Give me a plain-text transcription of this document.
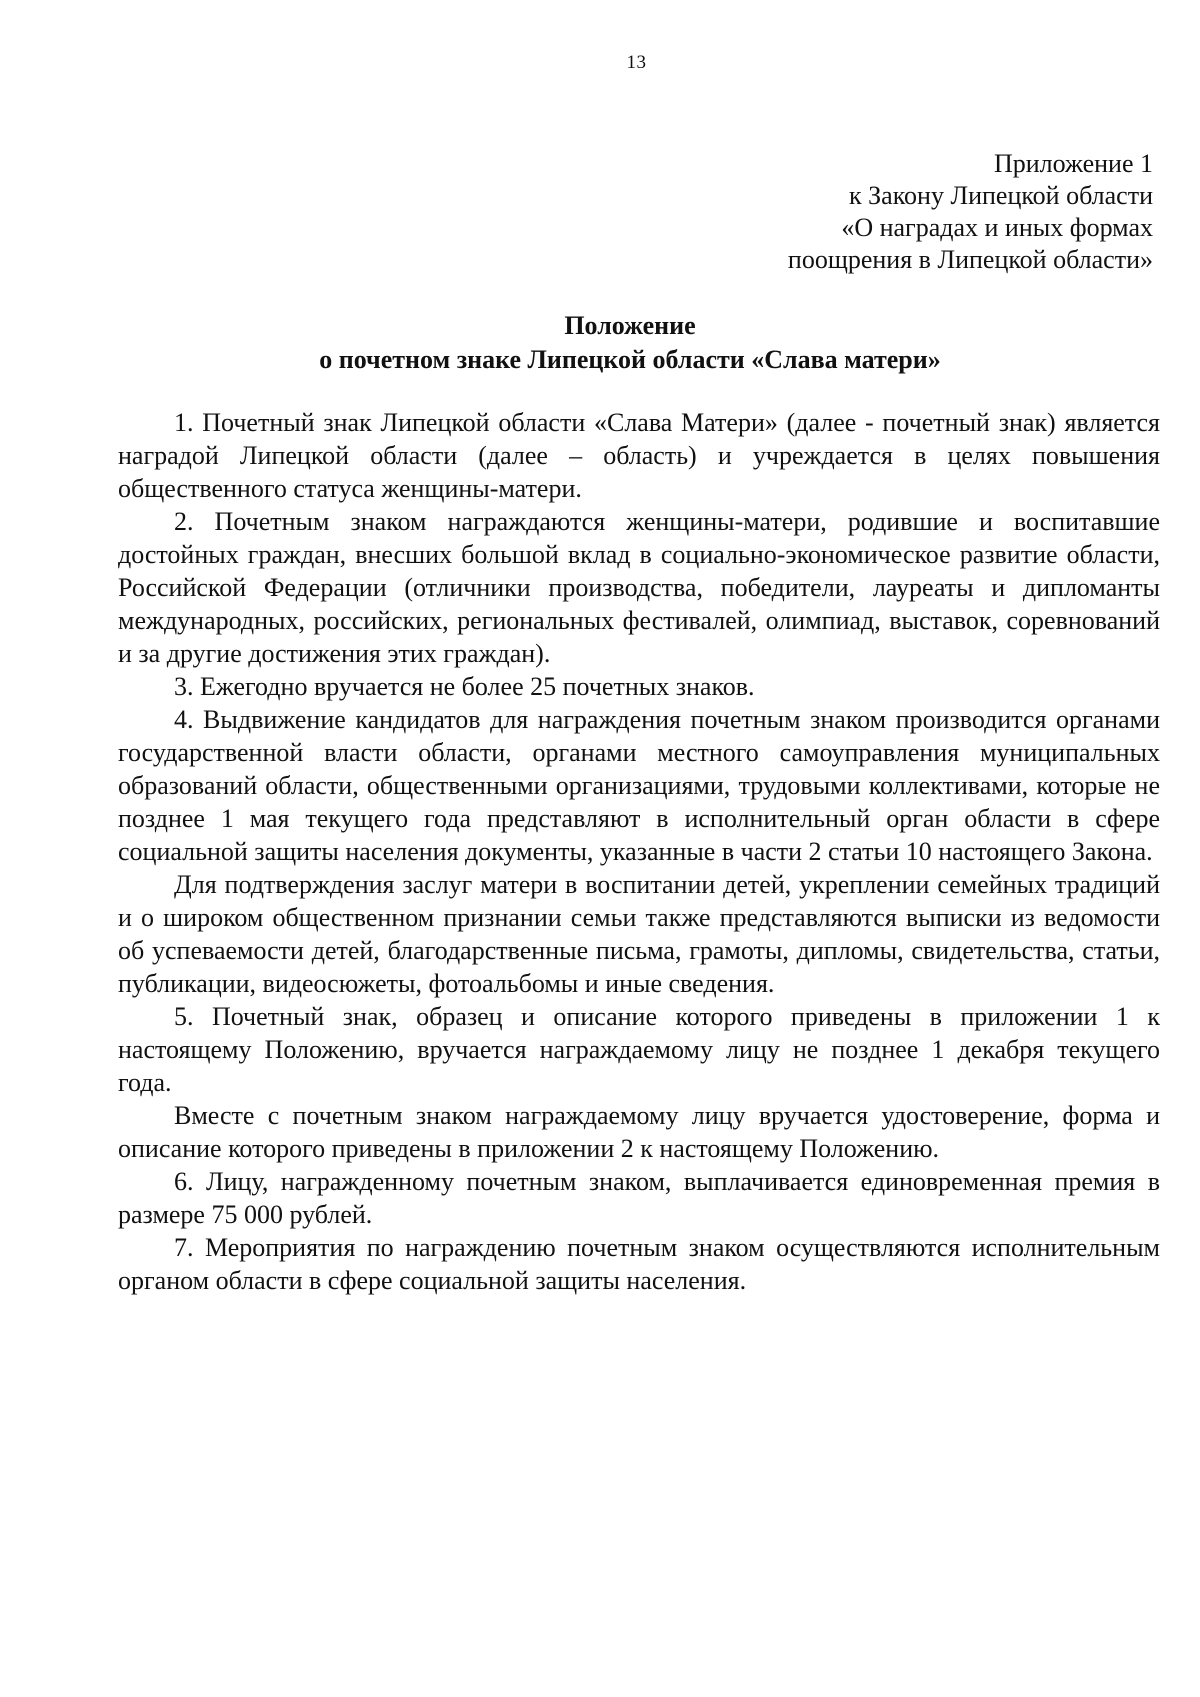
13
Приложение 1
к Закону Липецкой области
«О наградах и иных формах
поощрения в Липецкой области»
Положение
о почетном знаке Липецкой области «Слава матери»

1. Почетный знак Липецкой области «Слава Матери» (далее - почетный знак) является наградой Липецкой области (далее – область) и учреждается в целях повышения общественного статуса женщины-матери.

2. Почетным знаком награждаются женщины-матери, родившие и воспитавшие достойных граждан, внесших большой вклад в социально-экономическое развитие области, Российской Федерации (отличники производства, победители, лауреаты и дипломанты международных, российских, региональных фестивалей, олимпиад, выставок, соревнований и за другие достижения этих граждан).

3. Ежегодно вручается не более 25 почетных знаков.

4. Выдвижение кандидатов для награждения почетным знаком производится органами государственной власти области, органами местного самоуправления муниципальных образований области, общественными организациями, трудовыми коллективами, которые не позднее 1 мая текущего года представляют в исполнительный орган области в сфере социальной защиты населения документы, указанные в части 2 статьи 10 настоящего Закона.

Для подтверждения заслуг матери в воспитании детей, укреплении семейных традиций и о широком общественном признании семьи также представляются выписки из ведомости об успеваемости детей, благодарственные письма, грамоты, дипломы, свидетельства, статьи, публикации, видеосюжеты, фотоальбомы и иные сведения.

5. Почетный знак, образец и описание которого приведены в приложении 1 к настоящему Положению, вручается награждаемому лицу не позднее 1 декабря текущего года.

Вместе с почетным знаком награждаемому лицу вручается удостоверение, форма и описание которого приведены в приложении 2 к настоящему Положению.

6. Лицу, награжденному почетным знаком, выплачивается единовременная премия в размере 75 000 рублей.

7. Мероприятия по награждению почетным знаком осуществляются исполнительным органом области в сфере социальной защиты населения.
